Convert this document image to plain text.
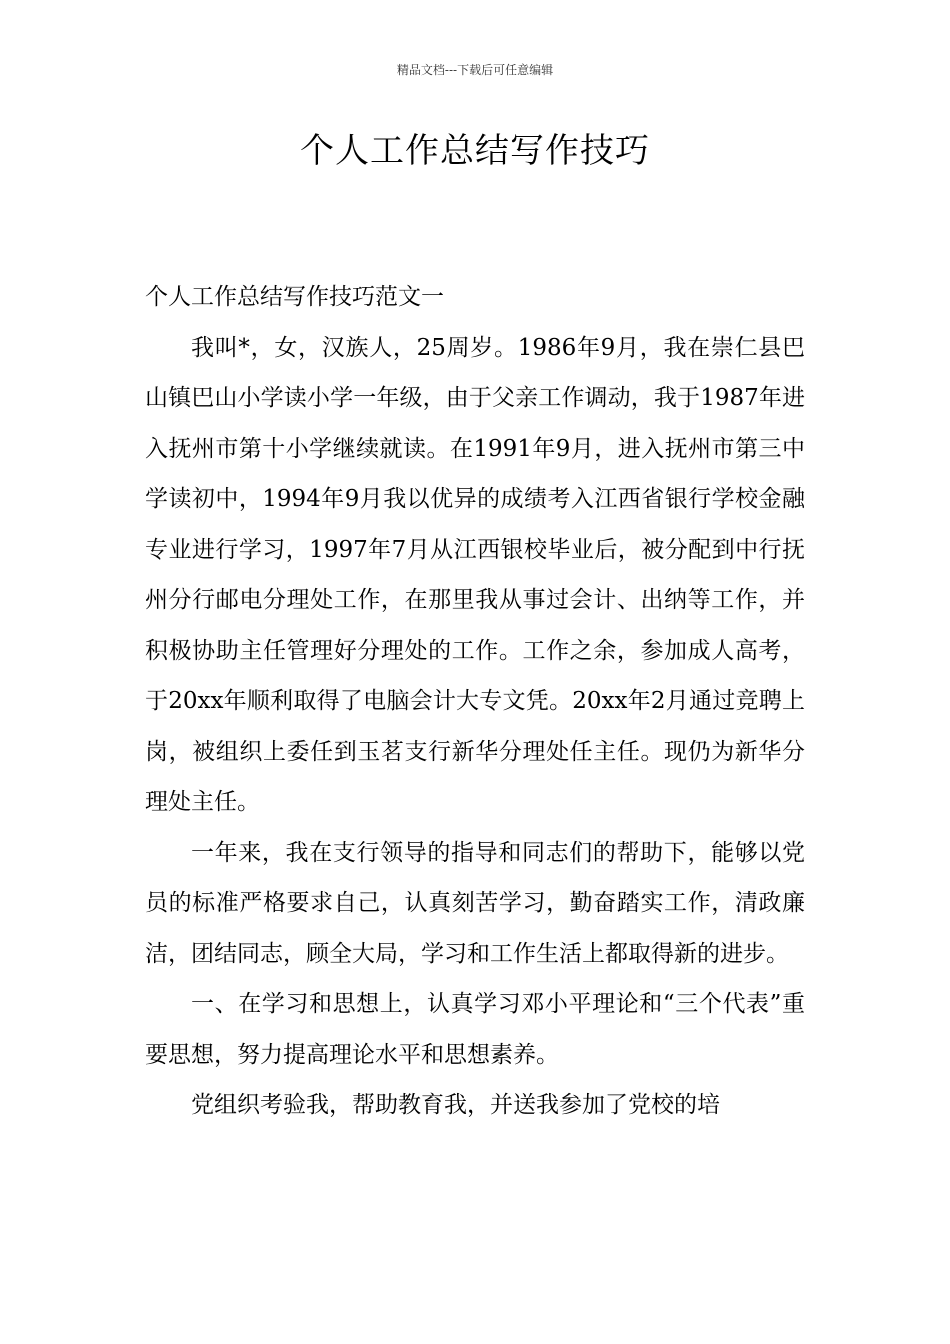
精品文档---下载后可任意编辑
个人工作总结写作技巧

个人工作总结写作技巧范文一

我叫*，女，汉族人，25周岁。1986年9月，我在崇仁县巴山镇巴山小学读小学一年级，由于父亲工作调动，我于1987年进入抚州市第十小学继续就读。在1991年9月，进入抚州市第三中学读初中，1994年9月我以优异的成绩考入江西省银行学校金融专业进行学习，1997年7月从江西银校毕业后，被分配到中行抚州分行邮电分理处工作，在那里我从事过会计、出纳等工作，并积极协助主任管理好分理处的工作。工作之余，参加成人高考，于20xx年顺利取得了电脑会计大专文凭。20xx年2月通过竞聘上岗，被组织上委任到玉茗支行新华分理处任主任。现仍为新华分理处主任。

一年来，我在支行领导的指导和同志们的帮助下，能够以党员的标准严格要求自己，认真刻苦学习，勤奋踏实工作，清政廉洁，团结同志，顾全大局，学习和工作生活上都取得新的进步。

一、在学习和思想上，认真学习邓小平理论和“三个代表”重要思想，努力提高理论水平和思想素养。

党组织考验我，帮助教育我，并送我参加了党校的培
